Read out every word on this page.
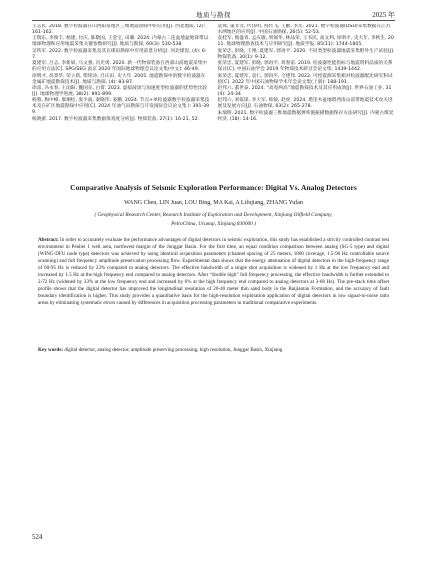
地质与勘探	2025 年

王志民. 2018. 数字检波器在山西阳泉地区三维地震勘探中的应用[J]. 西北地质, (2): 161-162.

王瑞东, 李俊丰, 杨建, 付庆, 陈敬国, 王金宝, 田璐. 2024. 内蒙古二连盆地盆地锋带以地球物理和应用地震采集关键参数研究[J]. 地质与勘探, 60(3): 530-538.

吴铁军. 2022. 数字检波器采集及其在煤田勘探中应用前景分析[J]. 河北煤炭, (4): 6-7.

夏建军, 吕志, 李新斌, 马文强, 冯光勇. 2020. 新一代物探装备在西部山前地震采集中的应用方法[C]. SPG/SEG 南京 2020 年国际地球物理会议论文集(中文): 46-49.

徐明才, 高景华, 荣立新, 柴铭涛, 吕庆田, 史大年. 2005. 地震勘探中的数字检波器在金属矿地震勘探技术[J]. 地质与勘探, (4): 83-87.

徐雷, 冯永春, 王雨阳, 魏国东, 白霄. 2023. 虚拟波场与加速度型检波器的优势性比较[J]. 地球物理学进展, 38(2): 891-899.

杨蓉, 梅中峰, 康炯松, 张少波, 秦晓伟, 姜鹏. 2024. 节点+单检波器数字检波器采集技术及在矿区地震勘探中应用[C]. 2024 年油气田勘探与开发国际会议论文集 I: 391-399.

杨晓蕾. 2017. 数字检波器采集数据保真度分析[J]. 物探装备, 27(1): 16-21, 52.

袁保, 董非非, 代伟明, 倪传飞, 王勤, 李岳. 2021. 数字检波器(DSU)采集数据在江苏水网地区的应用[J]. 中国石油勘探, 26(5): 52-53.

袁桂军, 熊盛青, 孟庆敏, 周锡华, 林品荣, 王书民, 高文利, 徐明才, 史大年, 李秋生. 2011. 地球物理勘查技术与应用研究[J]. 地质学报, 85(11): 1744-1805.

张荣忠, 彭晓, 王博, 夏建军, 郭再平. 2020. 不同类型检波器地震采集野外生产试验[J]. 物探装备, 30(1): 9-12.

张荣忠, 夏建军, 彭晓, 郭再平, 蒋春雷. 2019. 检波器性能指标与地震资料品质的关系探讨[C]. 中国石油学会 2019 年物探技术研讨会论文集: 1439-1442.

张荣忠, 夏建军, 袁仁, 郭再平, 仝建邦. 2022. 可控震源采集相对检波器配比研究和试验[C]. 2022 年中国石油物探学术年会论文集(上册): 188-191.

赵邦六, 董世泰, 2024. “高宽两高”地震勘探技术及其应用成效[J]. 世界石油工业, 31(4): 24-34.

赵邦六, 刘依谋, 李大军, 师骏, 赵虎. 2024. 塔里木盆地塔西南山前带地震技术攻关进展及发展方向[J]. 石油物探, 63(2): 265-278.

朱瑞明. 2021. 数字检波器三维地震数据弹率施振描数据保存方法研究[J]. 内蒙古煤炭经济, (18): 14-16.

Comparative Analysis of Seismic Exploration Performance: Digital Vs. Analog Detectors
WANG Chen, LIN Juan, LOU Bing, MA Kai, A Lifujiang, ZHANG Yufan
( Geophysical Research Center, Research Institute of Exploration and Development, Xinjiang Oilfield Company,
PetroChina, Urumqi, Xinjiang 830000 )
Abstract: In order to accurately evaluate the performance advantages of digital detectors in seismic exploration, this study has established a strictly controlled contrast test environment in Penbei 1 well area, northwest margin of the Junggar Basin. For the first time, an equal condition comparison between analog (SG-5 type) and digital (WING-DFU node type) detectors was achieved by using identical acquisition parameters (channel spacing of 25 meters, 1800 coverage, 1.5-96 Hz controllable source scanning) and full frequency amplitude preservation processing flow. Experimental data shows that the energy attenuation of digital detectors in the high-frequency range of 60-95 Hz is reduced by 23% compared to analog detectors. The effective bandwidth of a single shot acquisition is widened by 1 Hz at the low frequency end and increased by 1.5 Hz at the high frequency end compared to analog detectors. After “double high” full frequency processing, the effective bandwidth is further extended to 2-72 Hz (widened by 33% at the low frequency end and increased by 6% at the high frequency end compared to analog detectors at 3-68 Hz). The pre-stack time offset profile shows that the digital detector has improved the longitudinal resolution of 20-40 meter thin sand body in the Baijiantan Formation, and the accuracy of fault boundary identification is higher. This study provides a quantitative basis for the high-resolution exploration application of digital detectors in low signal-to-noise ratio areas by eliminating systematic errors caused by differences in acquisition processing parameters in traditional comparative experiments.
Key words: digital detector, analog detector, amplitude preserving processing, high resolution, Junggar Basin, Xinjiang
524
